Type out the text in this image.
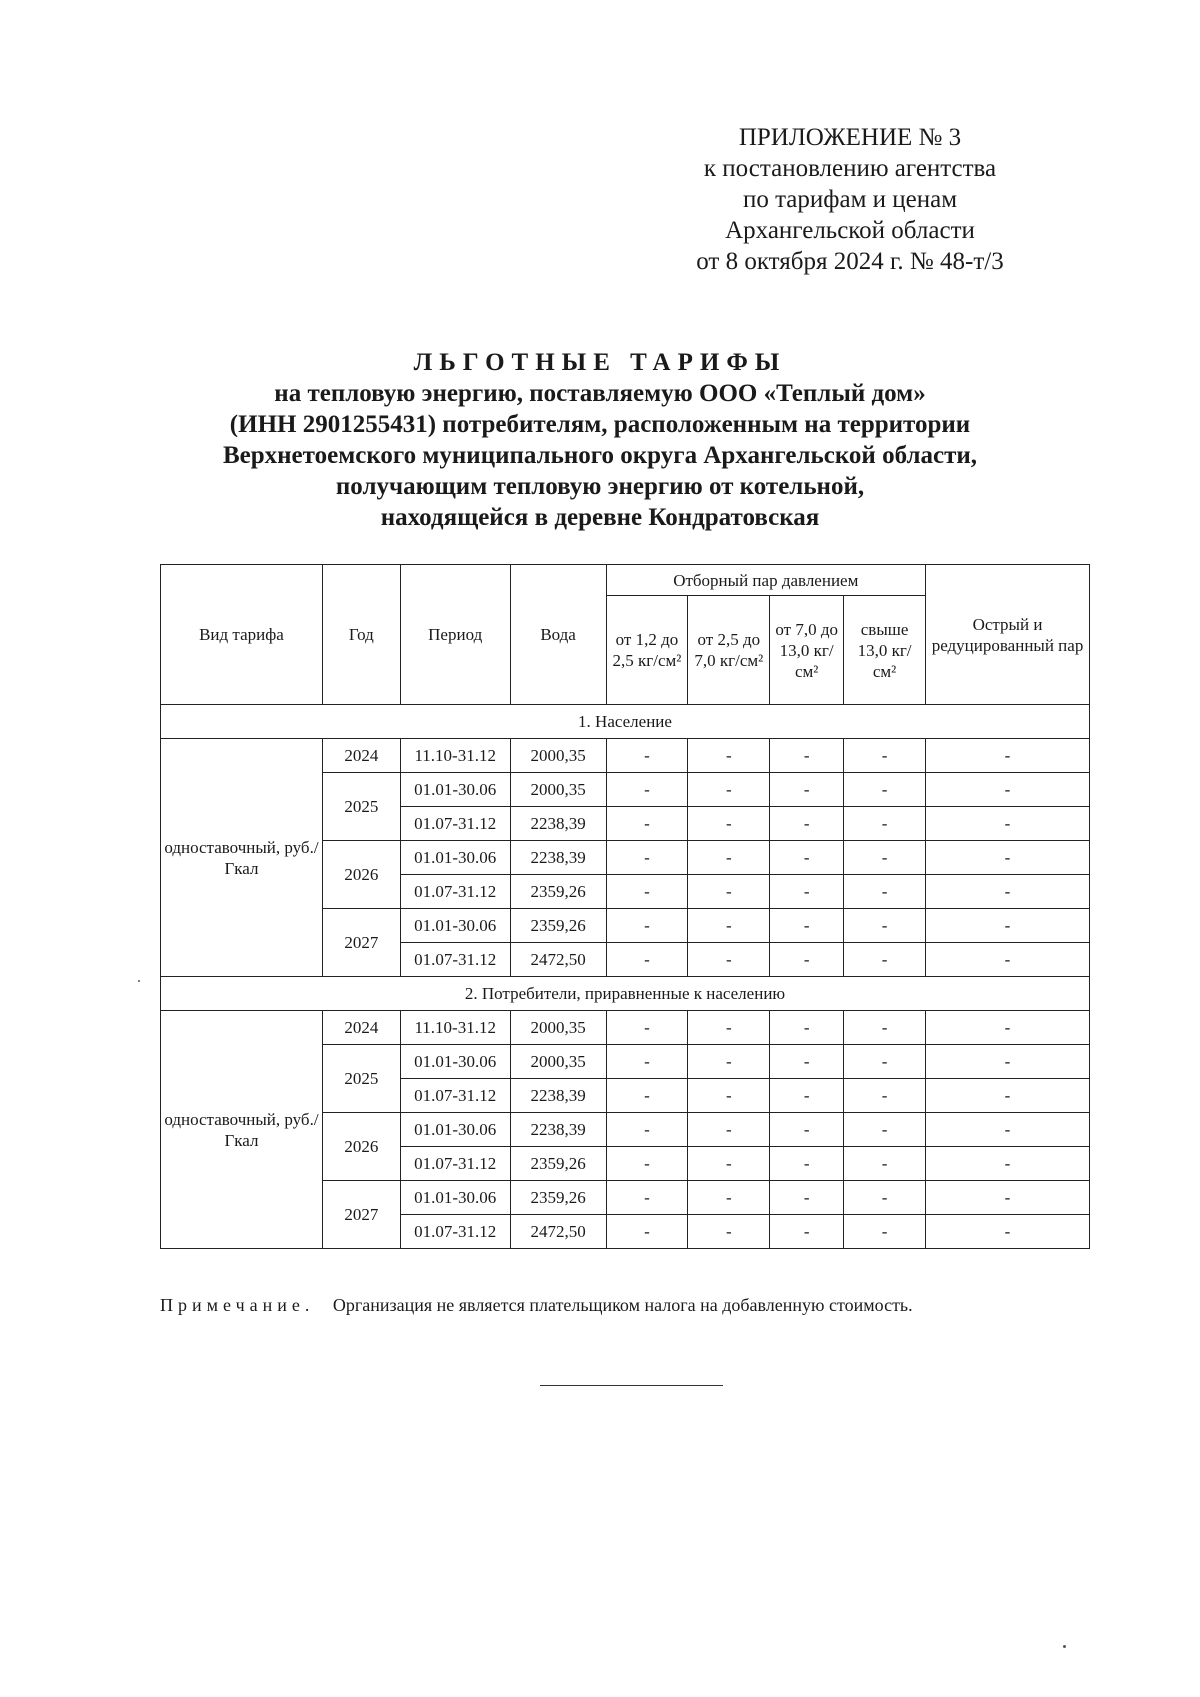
ПРИЛОЖЕНИЕ № 3
к постановлению агентства
по тарифам и ценам
Архангельской области
от 8 октября 2024 г. № 48-т/3
ЛЬГОТНЫЕ ТАРИФЫ
на тепловую энергию, поставляемую ООО «Теплый дом»
(ИНН 2901255431) потребителям, расположенным на территории
Верхнетоемского муниципального округа Архангельской области,
получающим тепловую энергию от котельной,
находящейся в деревне Кондратовская
Вид тарифа	Год	Период	Вода	Отборный пар давлением				Острый и редуцированный пар
				от 1,2 до 2,5 кг/см²	от 2,5 до 7,0 кг/см²	от 7,0 до 13,0 кг/см²	свыше 13,0 кг/см²	
1. Население								
одноставочный, руб./Гкал	2024	11.10-31.12	2000,35	-	-	-	-	-
	2025	01.01-30.06	2000,35	-	-	-	-	-
		01.07-31.12	2238,39	-	-	-	-	-
	2026	01.01-30.06	2238,39	-	-	-	-	-
		01.07-31.12	2359,26	-	-	-	-	-
	2027	01.01-30.06	2359,26	-	-	-	-	-
		01.07-31.12	2472,50	-	-	-	-	-
2. Потребители, приравненные к населению								
одноставочный, руб./Гкал	2024	11.10-31.12	2000,35	-	-	-	-	-
	2025	01.01-30.06	2000,35	-	-	-	-	-
		01.07-31.12	2238,39	-	-	-	-	-
	2026	01.01-30.06	2238,39	-	-	-	-	-
		01.07-31.12	2359,26	-	-	-	-	-
	2027	01.01-30.06	2359,26	-	-	-	-	-
		01.07-31.12	2472,50	-	-	-	-	-
Примечание. Организация не является плательщиком налога на добавленную стоимость.
